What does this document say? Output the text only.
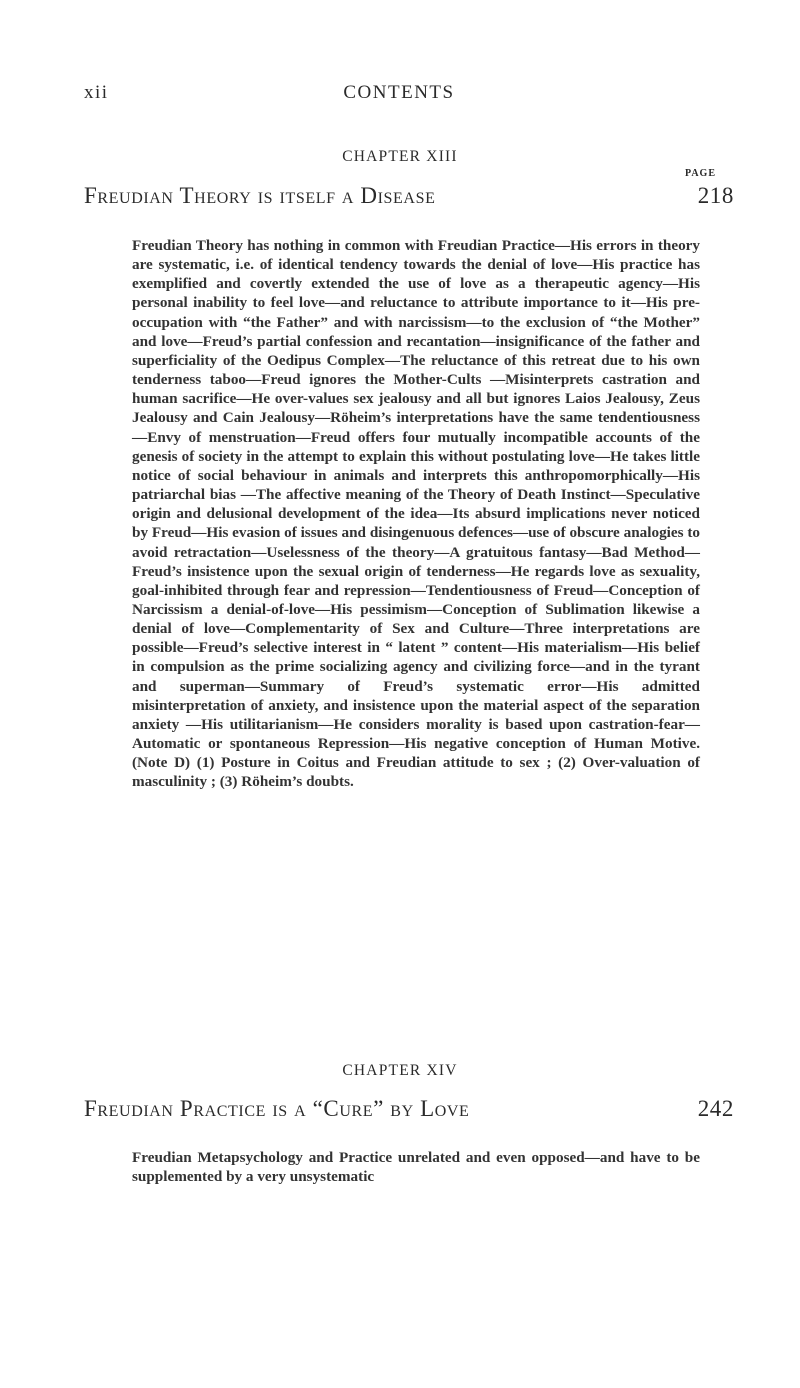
xii	CONTENTS
CHAPTER XIII
PAGE
Freudian Theory is itself a Disease	218
Freudian Theory has nothing in common with Freudian Practice—His errors in theory are systematic, i.e. of identical tendency towards the denial of love—His practice has exemplified and covertly extended the use of love as a therapeutic agency—His personal inability to feel love—and reluctance to attribute importance to it—His pre-occupation with “the Father” and with narcissism—to the exclusion of “the Mother” and love—Freud’s partial confession and recantation—insignificance of the father and superficiality of the Oedipus Complex—The reluctance of this retreat due to his own tenderness taboo—Freud ignores the Mother-Cults —Misinterprets castration and human sacrifice—He over-values sex jealousy and all but ignores Laios Jealousy, Zeus Jealousy and Cain Jealousy—Röheim’s interpretations have the same tendentiousness—Envy of menstruation—Freud offers four mutually incompatible accounts of the genesis of society in the attempt to explain this without postulating love—He takes little notice of social behaviour in animals and interprets this anthropomorphically—His patriarchal bias —The affective meaning of the Theory of Death Instinct—Speculative origin and delusional development of the idea—Its absurd implications never noticed by Freud—His evasion of issues and disingenuous defences—use of obscure analogies to avoid retractation—Uselessness of the theory—A gratuitous fantasy—Bad Method—Freud’s insistence upon the sexual origin of tenderness—He regards love as sexuality, goal-inhibited through fear and repression—Tendentiousness of Freud—Conception of Narcissism a denial-of-love—His pessimism—Conception of Sublimation likewise a denial of love—Complementarity of Sex and Culture—Three interpretations are possible—Freud’s selective interest in “ latent ” content—His materialism—His belief in compulsion as the prime socializing agency and civilizing force—and in the tyrant and superman—Summary of Freud’s systematic error—His admitted misinterpretation of anxiety, and insistence upon the material aspect of the separation anxiety —His utilitarianism—He considers morality is based upon castration-fear—Automatic or spontaneous Repression—His negative conception of Human Motive. (Note D) (1) Posture in Coitus and Freudian attitude to sex ; (2) Over-valuation of masculinity ; (3) Röheim’s doubts.
CHAPTER XIV
Freudian Practice is a “Cure” by Love	242
Freudian Metapsychology and Practice unrelated and even opposed—and have to be supplemented by a very unsystematic
